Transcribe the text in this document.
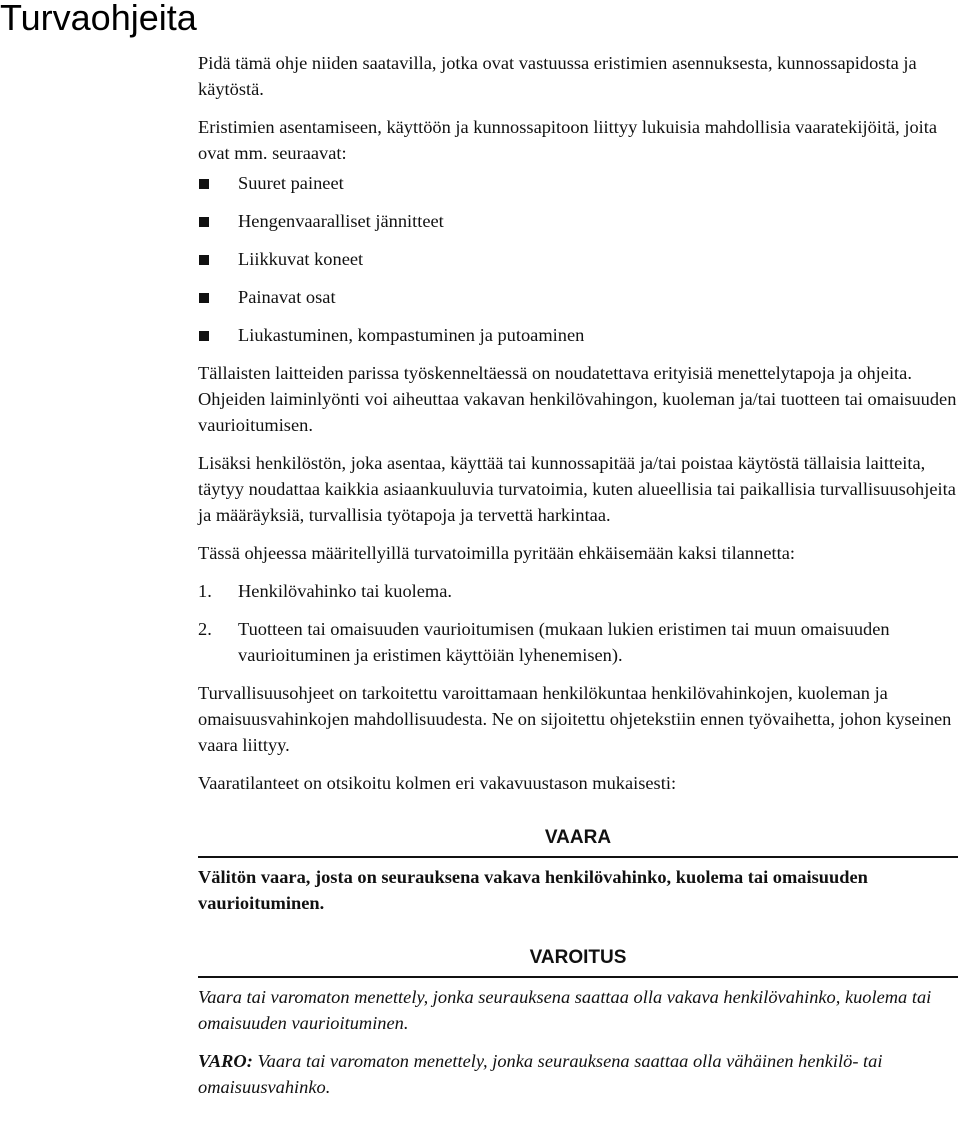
Turvaohjeita

Pidä tämä ohje niiden saatavilla, jotka ovat vastuussa eristimien asennuksesta, kunnossapidosta ja käytöstä.

Eristimien asentamiseen, käyttöön ja kunnossapitoon liittyy lukuisia mahdollisia vaaratekijöitä, joita ovat mm. seuraavat:

Suuret paineet
Hengenvaaralliset jännitteet
Liikkuvat koneet
Painavat osat
Liukastuminen, kompastuminen ja putoaminen

Tällaisten laitteiden parissa työskenneltäessä on noudatettava erityisiä menettelytapoja ja ohjeita. Ohjeiden laiminlyönti voi aiheuttaa vakavan henkilövahingon, kuoleman ja/tai tuotteen tai omaisuuden vaurioitumisen.

Lisäksi henkilöstön, joka asentaa, käyttää tai kunnossapitää ja/tai poistaa käytöstä tällaisia laitteita, täytyy noudattaa kaikkia asiaankuuluvia turvatoimia, kuten alueellisia tai paikallisia turvallisuusohjeita ja määräyksiä, turvallisia työtapoja ja tervettä harkintaa.

Tässä ohjeessa määritellyillä turvatoimilla pyritään ehkäisemään kaksi tilannetta:

1. Henkilövahinko tai kuolema.
2. Tuotteen tai omaisuuden vaurioitumisen (mukaan lukien eristimen tai muun omaisuuden vaurioituminen ja eristimen käyttöiän lyhenemisen).

Turvallisuusohjeet on tarkoitettu varoittamaan henkilökuntaa henkilövahinkojen, kuoleman ja omaisuusvahinkojen mahdollisuudesta. Ne on sijoitettu ohjetekstiin ennen työvaihetta, johon kyseinen vaara liittyy.

Vaaratilanteet on otsikoitu kolmen eri vakavuustason mukaisesti:

VAARA

Välitön vaara, josta on seurauksena vakava henkilövahinko, kuolema tai omaisuuden vaurioituminen.

VAROITUS

Vaara tai varomaton menettely, jonka seurauksena saattaa olla vakava henkilövahinko, kuolema tai omaisuuden vaurioituminen.

VARO: Vaara tai varomaton menettely, jonka seurauksena saattaa olla vähäinen henkilö- tai omaisuusvahinko.
